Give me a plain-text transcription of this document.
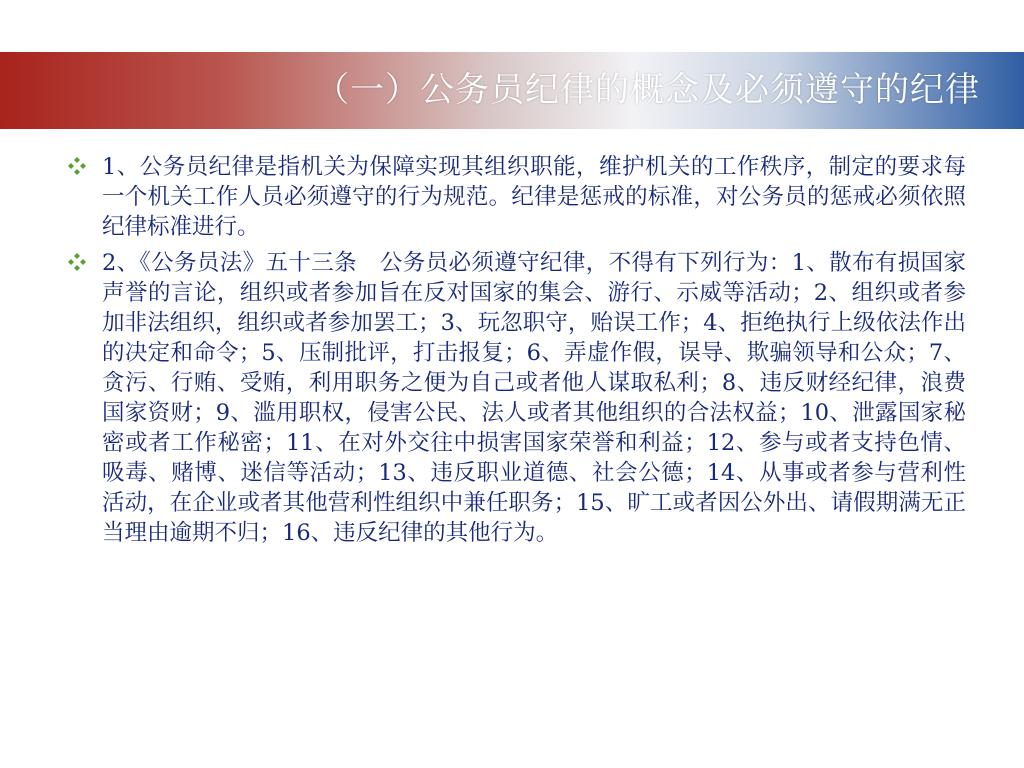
（一）公务员纪律的概念及必须遵守的纪律
1、公务员纪律是指机关为保障实现其组织职能，维护机关的工作秩序，制定的要求每一个机关工作人员必须遵守的行为规范。纪律是惩戒的标准，对公务员的惩戒必须依照纪律标准进行。
2、《公务员法》五十三条　公务员必须遵守纪律，不得有下列行为：1、散布有损国家声誉的言论，组织或者参加旨在反对国家的集会、游行、示威等活动；2、组织或者参加非法组织，组织或者参加罢工；3、玩忽职守，贻误工作；4、拒绝执行上级依法作出的决定和命令；5、压制批评，打击报复；6、弄虚作假，误导、欺骗领导和公众；7、贪污、行贿、受贿，利用职务之便为自己或者他人谋取私利；8、违反财经纪律，浪费国家资财；9、滥用职权，侵害公民、法人或者其他组织的合法权益；10、泄露国家秘密或者工作秘密；11、在对外交往中损害国家荣誉和利益；12、参与或者支持色情、吸毒、赌博、迷信等活动；13、违反职业道德、社会公德；14、从事或者参与营利性活动，在企业或者其他营利性组织中兼任职务；15、旷工或者因公外出、请假期满无正当理由逾期不归；16、违反纪律的其他行为。
